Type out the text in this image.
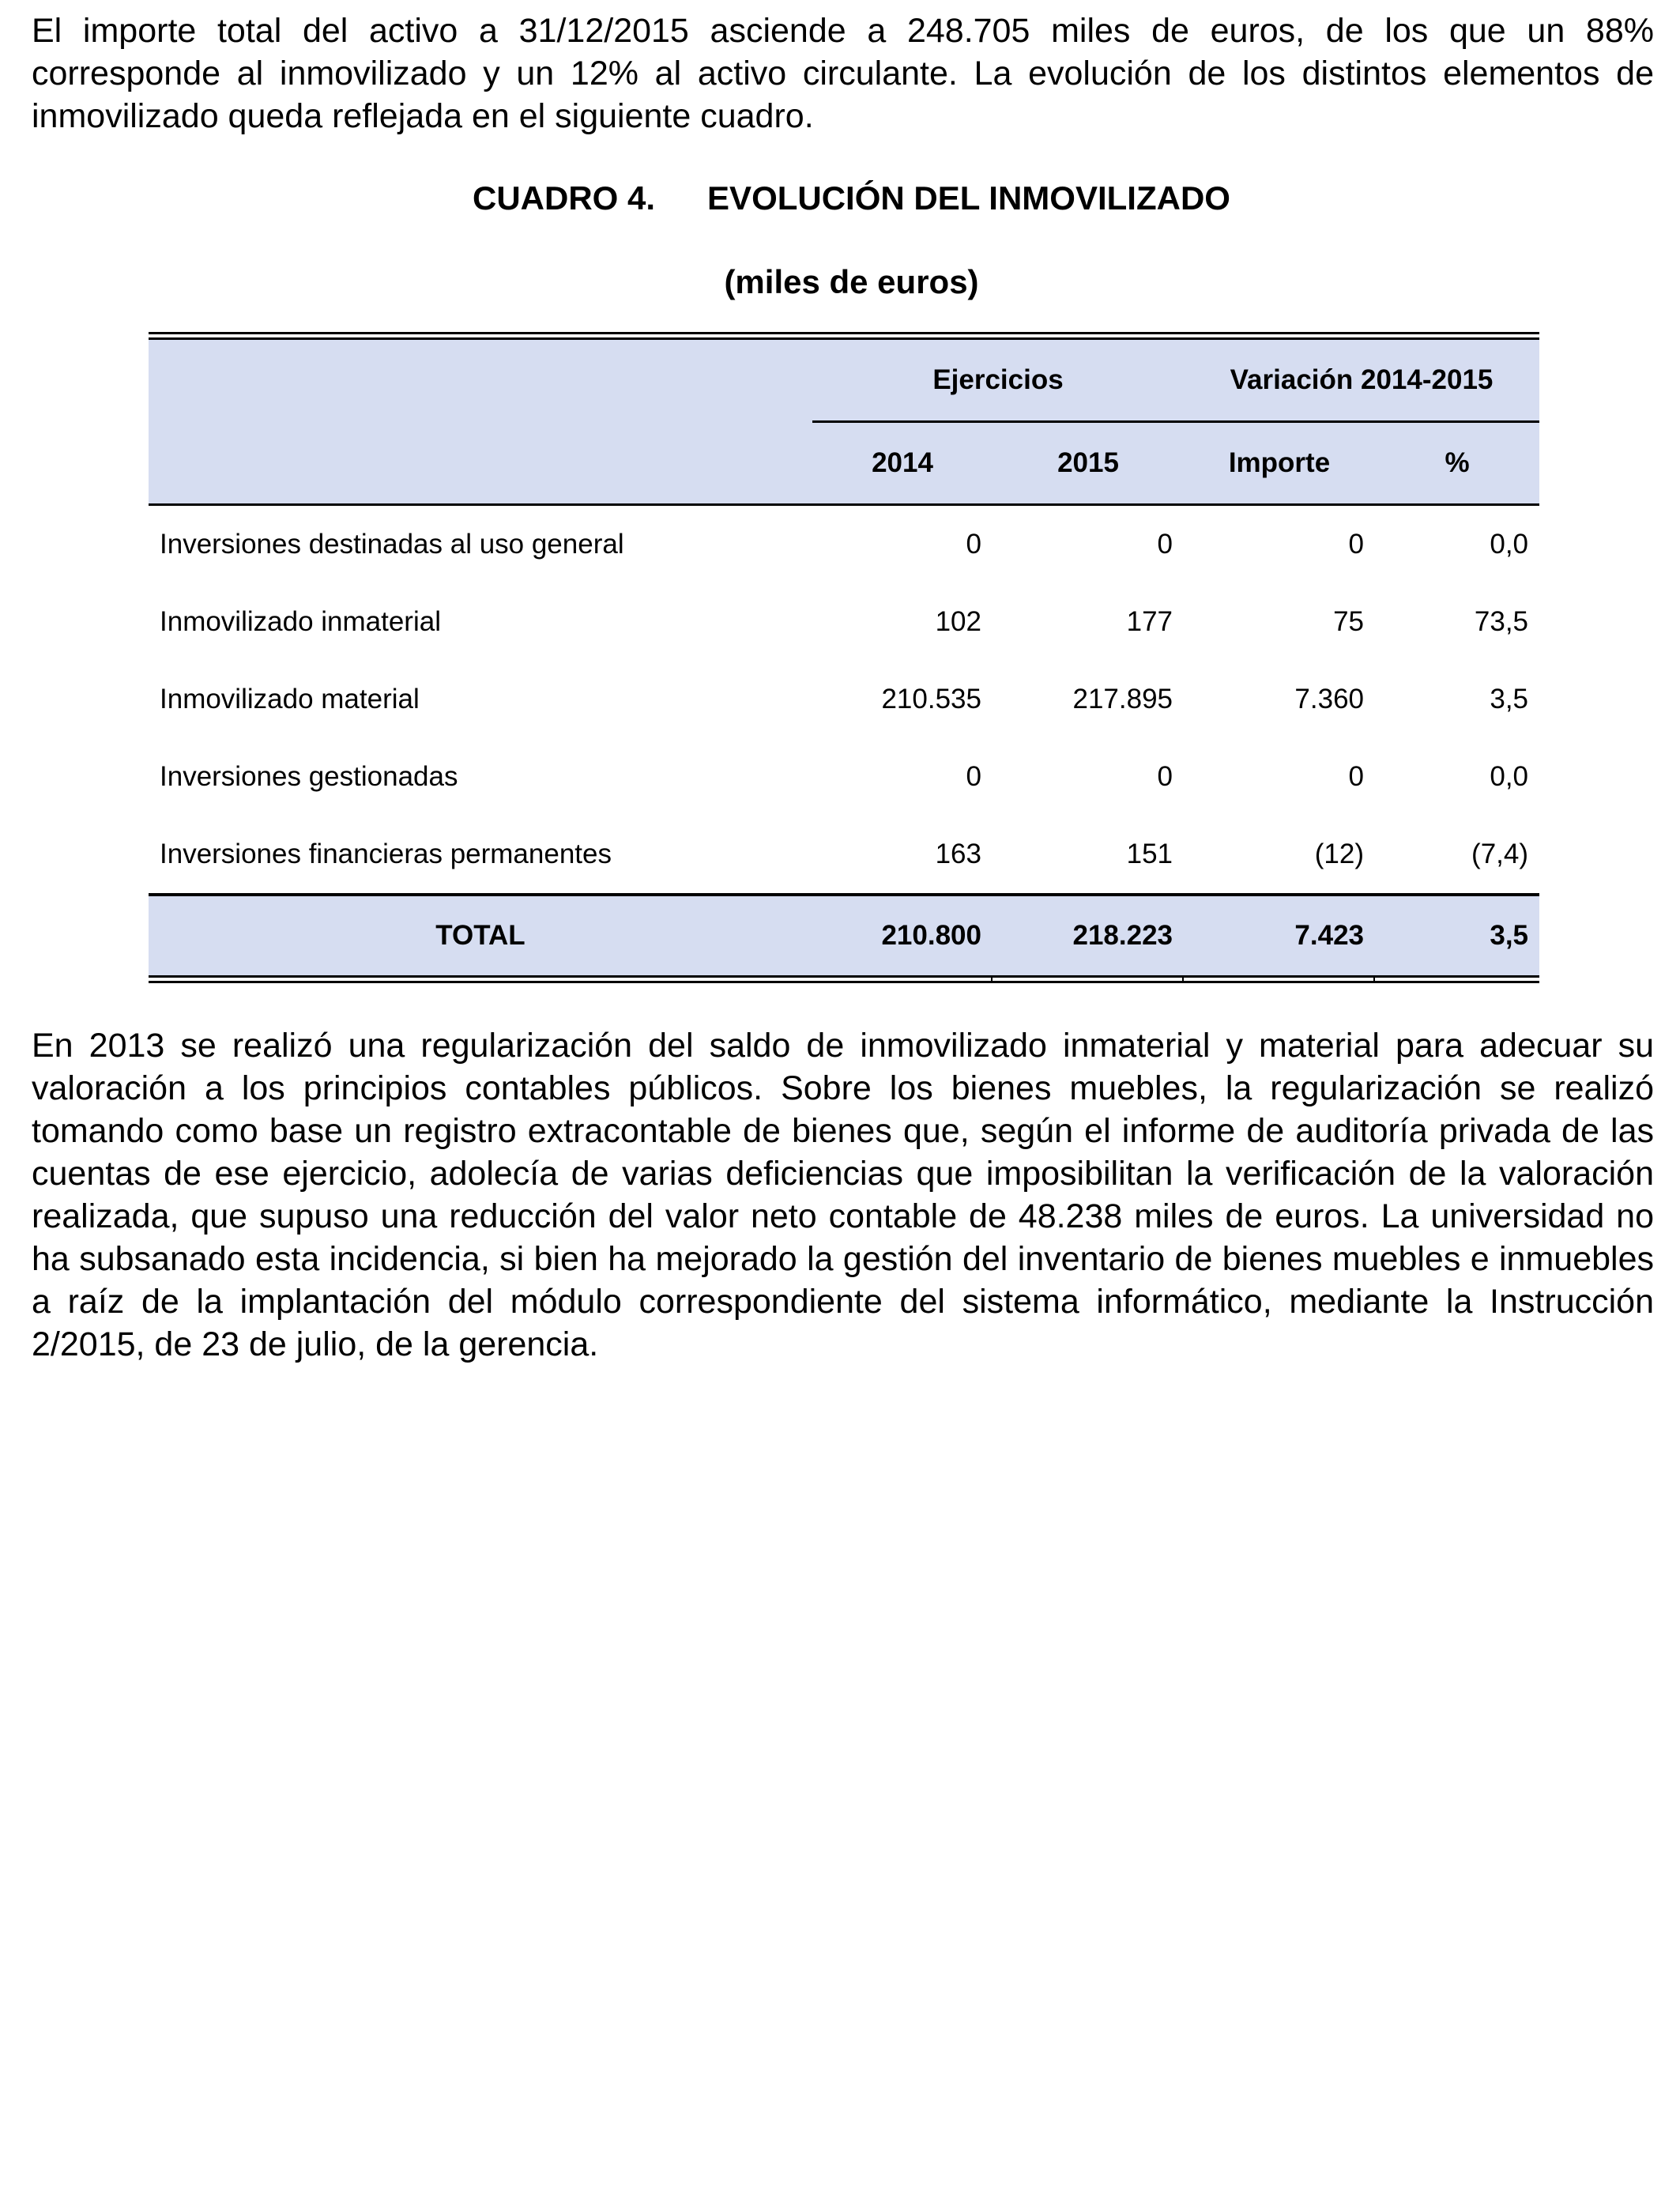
El importe total del activo a 31/12/2015 asciende a 248.705 miles de euros, de los que un 88% corresponde al inmovilizado y un 12% al activo circulante. La evolución de los distintos elementos de inmovilizado queda reflejada en el siguiente cuadro.

CUADRO 4. EVOLUCIÓN DEL INMOVILIZADO
(miles de euros)
	Ejercicios		Variación 2014-2015	
	2014	2015	Importe	%
Inversiones destinadas al uso general	0	0	0	0,0
Inmovilizado inmaterial	102	177	75	73,5
Inmovilizado material	210.535	217.895	7.360	3,5
Inversiones gestionadas	0	0	0	0,0
Inversiones financieras permanentes	163	151	(12)	(7,4)
TOTAL	210.800	218.223	7.423	3,5

En 2013 se realizó una regularización del saldo de inmovilizado inmaterial y material para adecuar su valoración a los principios contables públicos. Sobre los bienes muebles, la regularización se realizó tomando como base un registro extracontable de bienes que, según el informe de auditoría privada de las cuentas de ese ejercicio, adolecía de varias deficiencias que imposibilitan la verificación de la valoración realizada, que supuso una reducción del valor neto contable de 48.238 miles de euros. La universidad no ha subsanado esta incidencia, si bien ha mejorado la gestión del inventario de bienes muebles e inmuebles a raíz de la implantación del módulo correspondiente del sistema informático, mediante la Instrucción 2/2015, de 23 de julio, de la gerencia.
